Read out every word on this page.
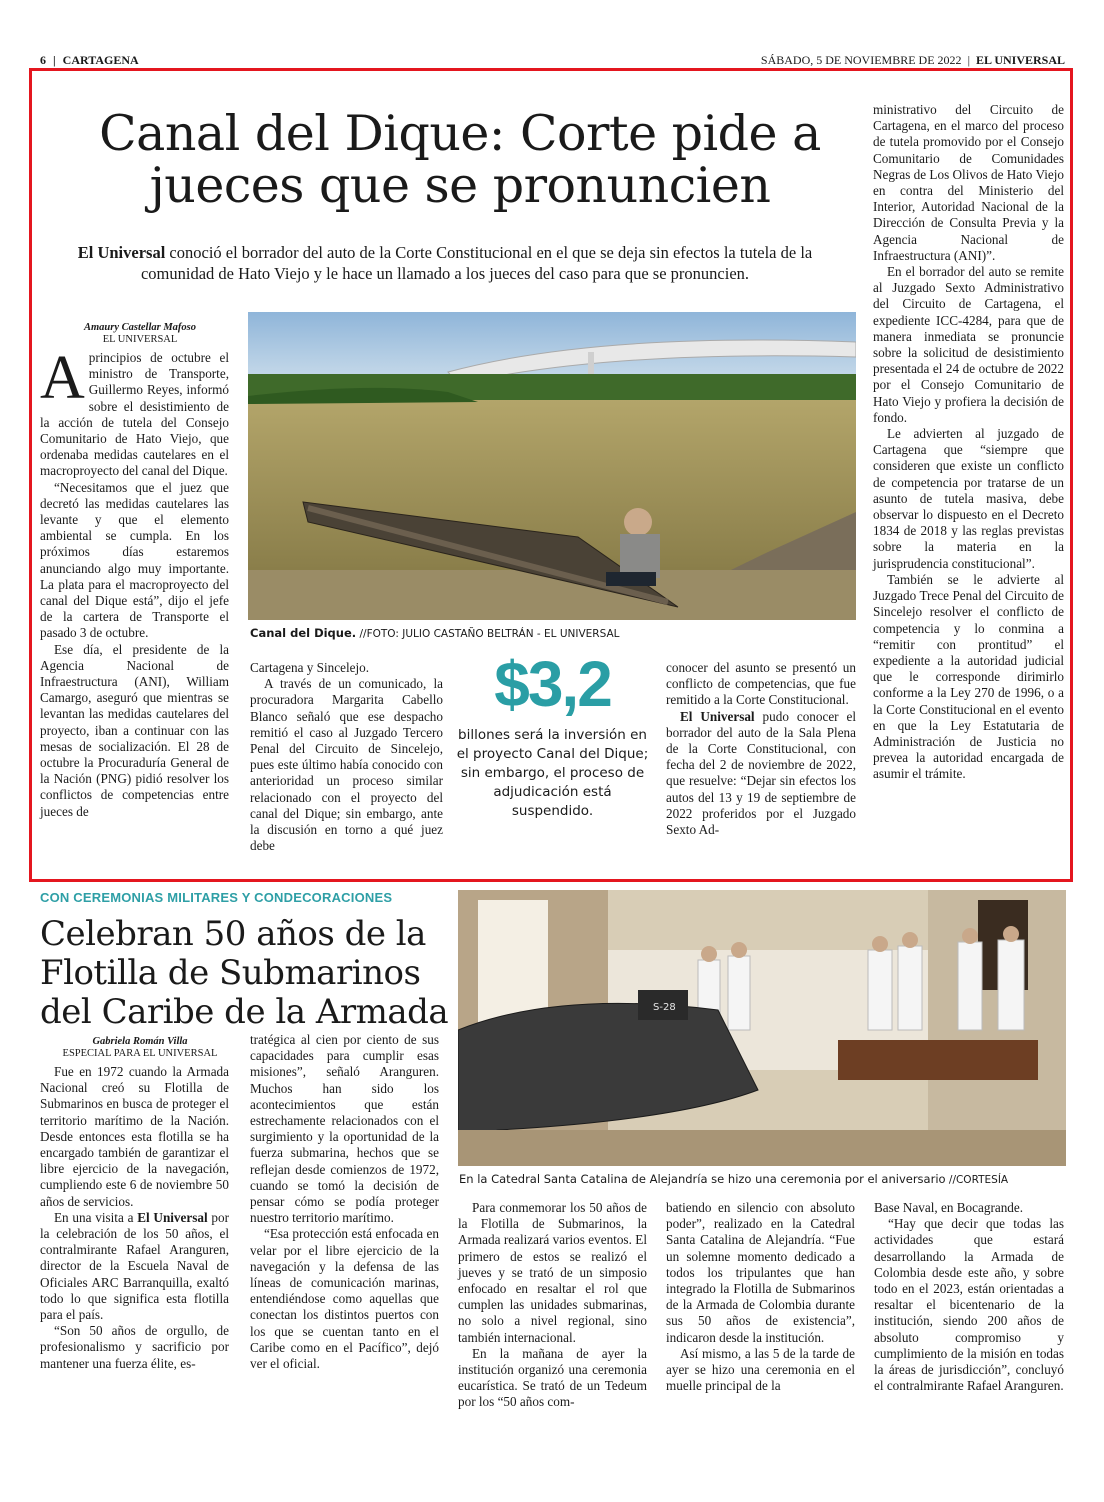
6 | CARTAGENA	SÁBADO, 5 DE NOVIEMBRE DE 2022 | EL UNIVERSAL
Canal del Dique: Corte pide a jueces que se pronuncien
El Universal conoció el borrador del auto de la Corte Constitucional en el que se deja sin efectos la tutela de la comunidad de Hato Viejo y le hace un llamado a los jueces del caso para que se pronuncien.
Amaury Castellar Mafoso
EL UNIVERSAL
Canal del Dique. //FOTO: JULIO CASTAÑO BELTRÁN - EL UNIVERSAL

Aprincipios de octubre el ministro de Transporte, Guillermo Reyes, informó sobre el desistimiento de la acción de tutela del Consejo Comunitario de Hato Viejo, que ordenaba medidas cautelares en el macroproyecto del canal del Dique.

“Necesitamos que el juez que decretó las medidas cautelares las levante y que el elemento ambiental se cumpla. En los próximos días estaremos anunciando algo muy importante. La plata para el macroproyecto del canal del Dique está”, dijo el jefe de la cartera de Transporte el pasado 3 de octubre.

Ese día, el presidente de la Agencia Nacional de Infraestructura (ANI), William Camargo, aseguró que mientras se levantan las medidas cautelares del proyecto, iban a continuar con las mesas de socialización. El 28 de octubre la Procuraduría General de la Nación (PNG) pidió resolver los conflictos de competencias entre jueces de

Cartagena y Sincelejo.

A través de un comunicado, la procuradora Margarita Cabello Blanco señaló que ese despacho remitió el caso al Juzgado Tercero Penal del Circuito de Sincelejo, pues este último había conocido con anterioridad un proceso similar relacionado con el proyecto del canal del Dique; sin embargo, ante la discusión en torno a qué juez debe

$3,2
billones será la inversión en el proyecto Canal del Dique; sin embargo, el proceso de adjudicación está suspendido.

conocer del asunto se presentó un conflicto de competencias, que fue remitido a la Corte Constitucional.

El Universal pudo conocer el borrador del auto de la Sala Plena de la Corte Constitucional, con fecha del 2 de noviembre de 2022, que resuelve: “Dejar sin efectos los autos del 13 y 19 de septiembre de 2022 proferidos por el Juzgado Sexto Ad-

ministrativo del Circuito de Cartagena, en el marco del proceso de tutela promovido por el Consejo Comunitario de Comunidades Negras de Los Olivos de Hato Viejo en contra del Ministerio del Interior, Autoridad Nacional de la Dirección de Consulta Previa y la Agencia Nacional de Infraestructura (ANI)”.

En el borrador del auto se remite al Juzgado Sexto Administrativo del Circuito de Cartagena, el expediente ICC-4284, para que de manera inmediata se pronuncie sobre la solicitud de desistimiento presentada el 24 de octubre de 2022 por el Consejo Comunitario de Hato Viejo y profiera la decisión de fondo.

Le advierten al juzgado de Cartagena que “siempre que consideren que existe un conflicto de competencia por tratarse de un asunto de tutela masiva, debe observar lo dispuesto en el Decreto 1834 de 2018 y las reglas previstas sobre la materia en la jurisprudencia constitucional”.

También se le advierte al Juzgado Trece Penal del Circuito de Sincelejo resolver el conflicto de competencia y lo conmina a “remitir con prontitud” el expediente a la autoridad judicial que le corresponde dirimirlo conforme a la Ley 270 de 1996, o a la Corte Constitucional en el evento en que la Ley Estatutaria de Administración de Justicia no prevea la autoridad encargada de asumir el trámite.

CON CEREMONIAS MILITARES Y CONDECORACIONES
Celebran 50 años de la Flotilla de Submarinos del Caribe de la Armada
Gabriela Román Villa
ESPECIAL PARA EL UNIVERSAL
S-28
En la Catedral Santa Catalina de Alejandría se hizo una ceremonia por el aniversario //CORTESÍA

Fue en 1972 cuando la Armada Nacional creó su Flotilla de Submarinos en busca de proteger el territorio marítimo de la Nación. Desde entonces esta flotilla se ha encargado también de garantizar el libre ejercicio de la navegación, cumpliendo este 6 de noviembre 50 años de servicios.

En una visita a El Universal por la celebración de los 50 años, el contralmirante Rafael Aranguren, director de la Escuela Naval de Oficiales ARC Barranquilla, exaltó todo lo que significa esta flotilla para el país.

“Son 50 años de orgullo, de profesionalismo y sacrificio por mantener una fuerza élite, es-

tratégica al cien por ciento de sus capacidades para cumplir esas misiones”, señaló Aranguren. Muchos han sido los acontecimientos que están estrechamente relacionados con el surgimiento y la oportunidad de la fuerza submarina, hechos que se reflejan desde comienzos de 1972, cuando se tomó la decisión de pensar cómo se podía proteger nuestro territorio marítimo.

“Esa protección está enfocada en velar por el libre ejercicio de la navegación y la defensa de las líneas de comunicación marinas, entendiéndose como aquellas que conectan los distintos puertos con los que se cuentan tanto en el Caribe como en el Pacífico”, dejó ver el oficial.

Para conmemorar los 50 años de la Flotilla de Submarinos, la Armada realizará varios eventos. El primero de estos se realizó el jueves y se trató de un simposio enfocado en resaltar el rol que cumplen las unidades submarinas, no solo a nivel regional, sino también internacional.

En la mañana de ayer la institución organizó una ceremonia eucarística. Se trató de un Tedeum por los “50 años com-

batiendo en silencio con absoluto poder”, realizado en la Catedral Santa Catalina de Alejandría. “Fue un solemne momento dedicado a todos los tripulantes que han integrado la Flotilla de Submarinos de la Armada de Colombia durante sus 50 años de existencia”, indicaron desde la institución.

Así mismo, a las 5 de la tarde de ayer se hizo una ceremonia en el muelle principal de la

Base Naval, en Bocagrande.

“Hay que decir que todas las actividades que estará desarrollando la Armada de Colombia desde este año, y sobre todo en el 2023, están orientadas a resaltar el bicentenario de la institución, siendo 200 años de absoluto compromiso y cumplimiento de la misión en todas la áreas de jurisdicción”, concluyó el contralmirante Rafael Aranguren.
